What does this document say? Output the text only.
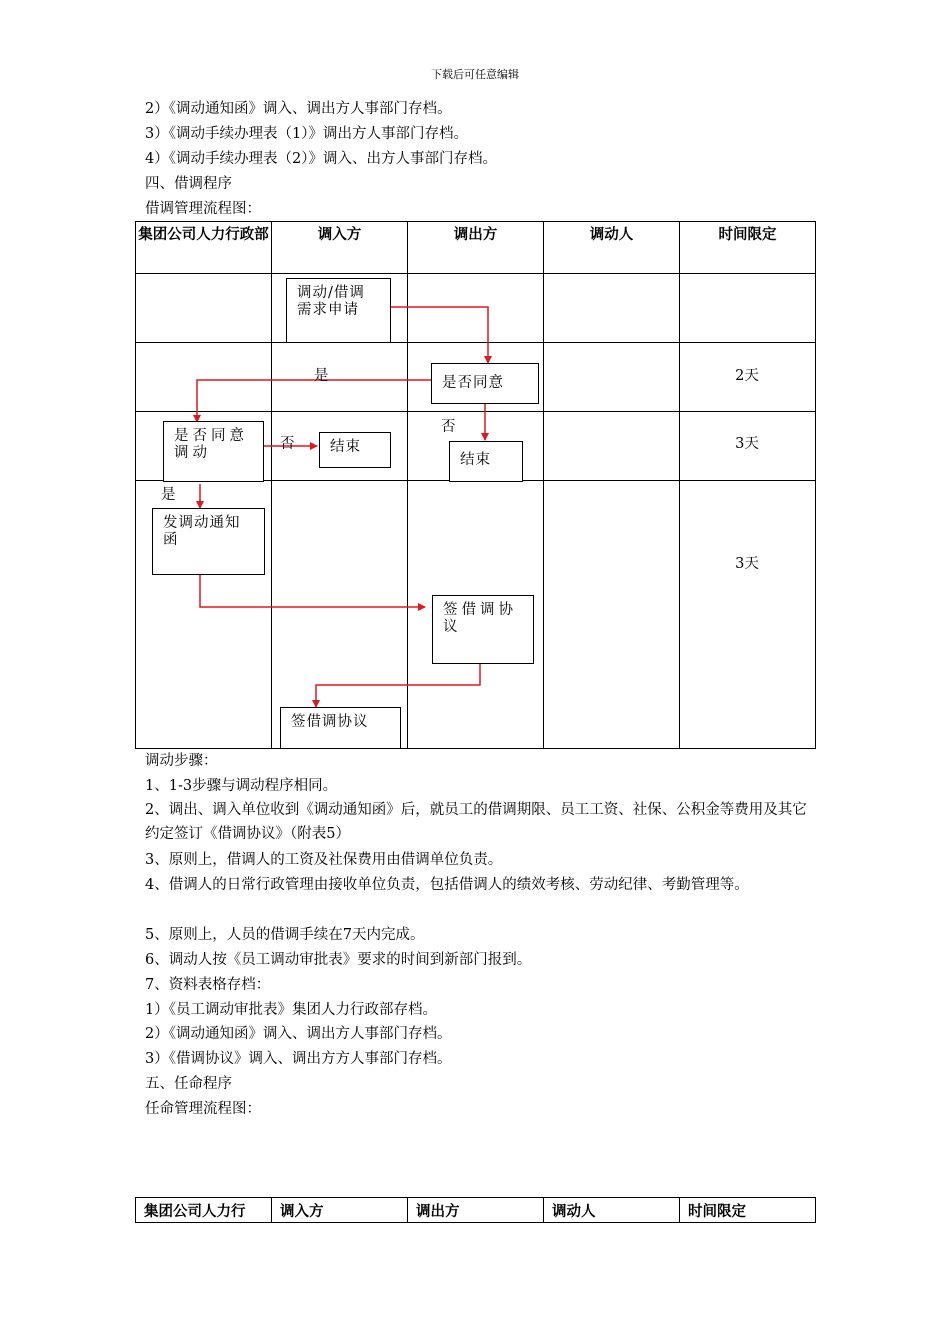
下载后可任意编辑
2）《调动通知函》调入、调出方人事部门存档。
3）《调动手续办理表（1）》调出方人事部门存档。
4）《调动手续办理表（2）》调入、出方人事部门存档。
四、借调程序
借调管理流程图：
集团公司人力行政部	调入方	调出方	调动人	时间限定

调动/借调需求申请
是否同意
是否同意调动	结束
结束
发调动通知函
签借调协议
签借调协议
是
否
否
是
2天
3天
3天
调动步骤：
1、1-3步骤与调动程序相同。
2、调出、调入单位收到《调动通知函》后，就员工的借调期限、员工工资、社保、公积金等费用及其它约定签订《借调协议》（附表5）
3、原则上，借调人的工资及社保费用由借调单位负责。
4、借调人的日常行政管理由接收单位负责，包括借调人的绩效考核、劳动纪律、考勤管理等。
5、原则上，人员的借调手续在7天内完成。
6、调动人按《员工调动审批表》要求的时间到新部门报到。
7、资料表格存档：
1）《员工调动审批表》集团人力行政部存档。
2）《调动通知函》调入、调出方人事部门存档。
3）《借调协议》调入、调出方方人事部门存档。
五、任命程序
任命管理流程图：
集团公司人力行	调入方	调出方	调动人	时间限定
